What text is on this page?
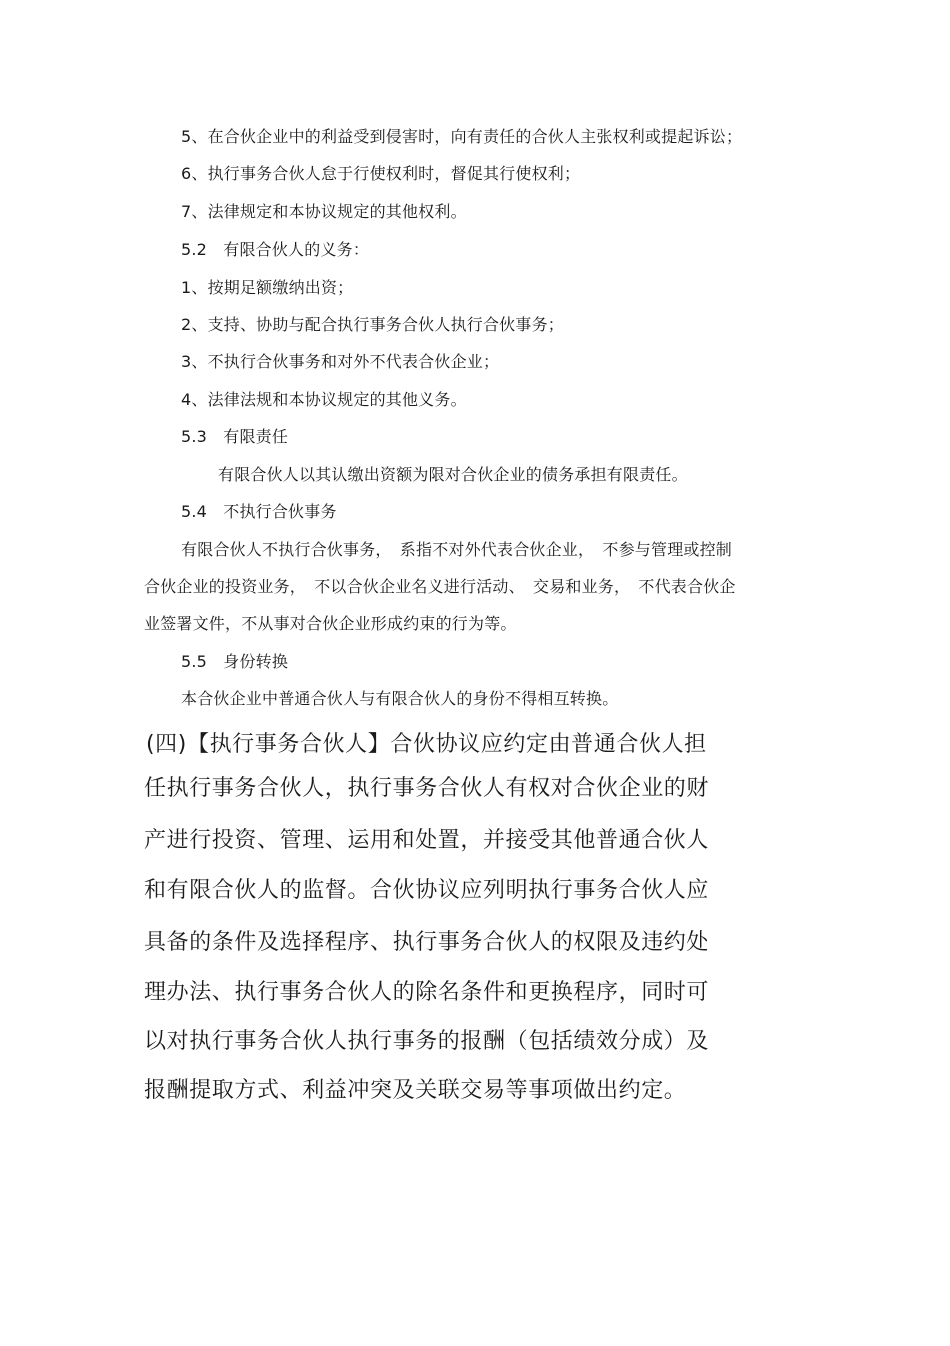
5、在合伙企业中的利益受到侵害时，向有责任的合伙人主张权利或提起诉讼；
6、执行事务合伙人怠于行使权利时，督促其行使权利；
7、法律规定和本协议规定的其他权利。
5.2　有限合伙人的义务：
1、按期足额缴纳出资；
2、支持、协助与配合执行事务合伙人执行合伙事务；
3、不执行合伙事务和对外不代表合伙企业；
4、法律法规和本协议规定的其他义务。
5.3　有限责任
有限合伙人以其认缴出资额为限对合伙企业的债务承担有限责任。
5.4　不执行合伙事务
有限合伙人不执行合伙事务，　系指不对外代表合伙企业，　不参与管理或控制
合伙企业的投资业务，　不以合伙企业名义进行活动、　交易和业务，　不代表合伙企
业签署文件，不从事对合伙企业形成约束的行为等。
5.5　身份转换
本合伙企业中普通合伙人与有限合伙人的身份不得相互转换。
(四)【执行事务合伙人】合伙协议应约定由普通合伙人担
任执行事务合伙人，执行事务合伙人有权对合伙企业的财
产进行投资、管理、运用和处置，并接受其他普通合伙人
和有限合伙人的监督。合伙协议应列明执行事务合伙人应
具备的条件及选择程序、执行事务合伙人的权限及违约处
理办法、执行事务合伙人的除名条件和更换程序，同时可
以对执行事务合伙人执行事务的报酬（包括绩效分成）及
报酬提取方式、利益冲突及关联交易等事项做出约定。
